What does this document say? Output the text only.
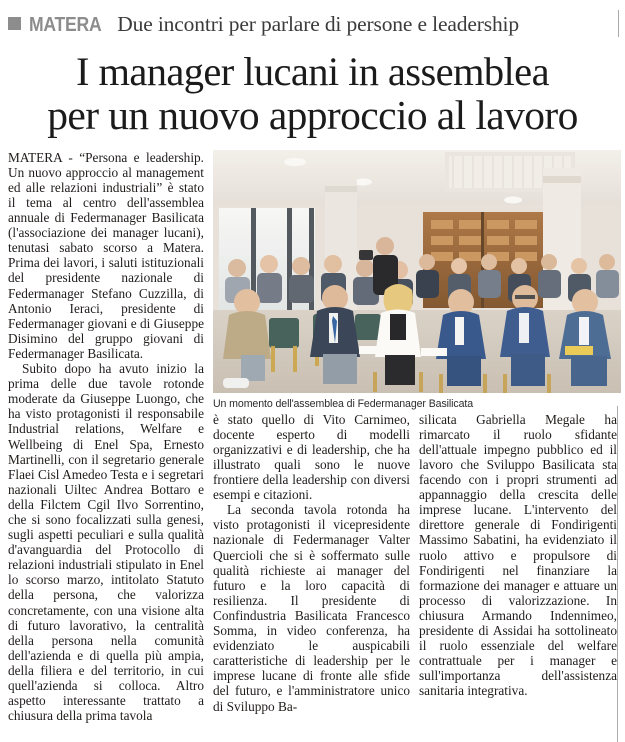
MATERA Due incontri per parlare di persone e leadership
I manager lucani in assemblea
per un nuovo approccio al lavoro
Un momento dell'assemblea di Federmanager Basilicata

MATERA - “Persona e leadership. Un nuovo approccio al management ed alle relazioni industriali” è stato il tema al centro dell'assemblea annuale di Federmanager Basilicata (l'associazione dei manager lucani), tenutasi sabato scorso a Matera. Prima dei lavori, i saluti istituzionali del presidente nazionale di Federmanager Stefano Cuzzilla, di Antonio Ieraci, presidente di Federmanager giovani e di Giuseppe Disimino del gruppo giovani di Federmanager Basilicata.

Subito dopo ha avuto inizio la prima delle due tavole rotonde moderate da Giuseppe Luongo, che ha visto protagonisti il responsabile Industrial relations, Welfare e Wellbeing di Enel Spa, Ernesto Martinelli, con il segretario generale Flaei Cisl Amedeo Testa e i segretari nazionali Uiltec Andrea Bottaro e della Filctem Cgil Ilvo Sorrentino, che si sono focalizzati sulla genesi, sugli aspetti peculiari e sulla qualità d'avanguardia del Protocollo di relazioni industriali stipulato in Enel lo scorso marzo, intitolato Statuto della persona, che valorizza concretamente, con una visione alta di futuro lavorativo, la centralità della persona nella comunità dell'azienda e di quella più ampia, della filiera e del territorio, in cui quell'azienda si colloca. Altro aspetto interessante trattato a chiusura della prima tavola

è stato quello di Vito Carnimeo, docente esperto di modelli organizzativi e di leadership, che ha illustrato quali sono le nuove frontiere della leadership con diversi esempi e citazioni.

La seconda tavola rotonda ha visto protagonisti il vicepresidente nazionale di Federmanager Valter Quercioli che si è soffermato sulle qualità richieste ai manager del futuro e la loro capacità di resilienza. Il presidente di Confindustria Basilicata Francesco Somma, in video conferenza, ha evidenziato le auspicabili caratteristiche di leadership per le imprese lucane di fronte alle sfide del futuro, e l'amministratore unico di Sviluppo Ba-

silicata Gabriella Megale ha rimarcato il ruolo sfidante dell'attuale impegno pubblico ed il lavoro che Sviluppo Basilicata sta facendo con i propri strumenti ad appannaggio della crescita delle imprese lucane. L'intervento del direttore generale di Fondirigenti Massimo Sabatini, ha evidenziato il ruolo attivo e propulsore di Fondirigenti nel finanziare la formazione dei manager e attuare un processo di valorizzazione. In chiusura Armando Indennimeo, presidente di Assidai ha sottolineato il ruolo essenziale del welfare contrattuale per i manager e sull'importanza dell'assistenza sanitaria integrativa.
